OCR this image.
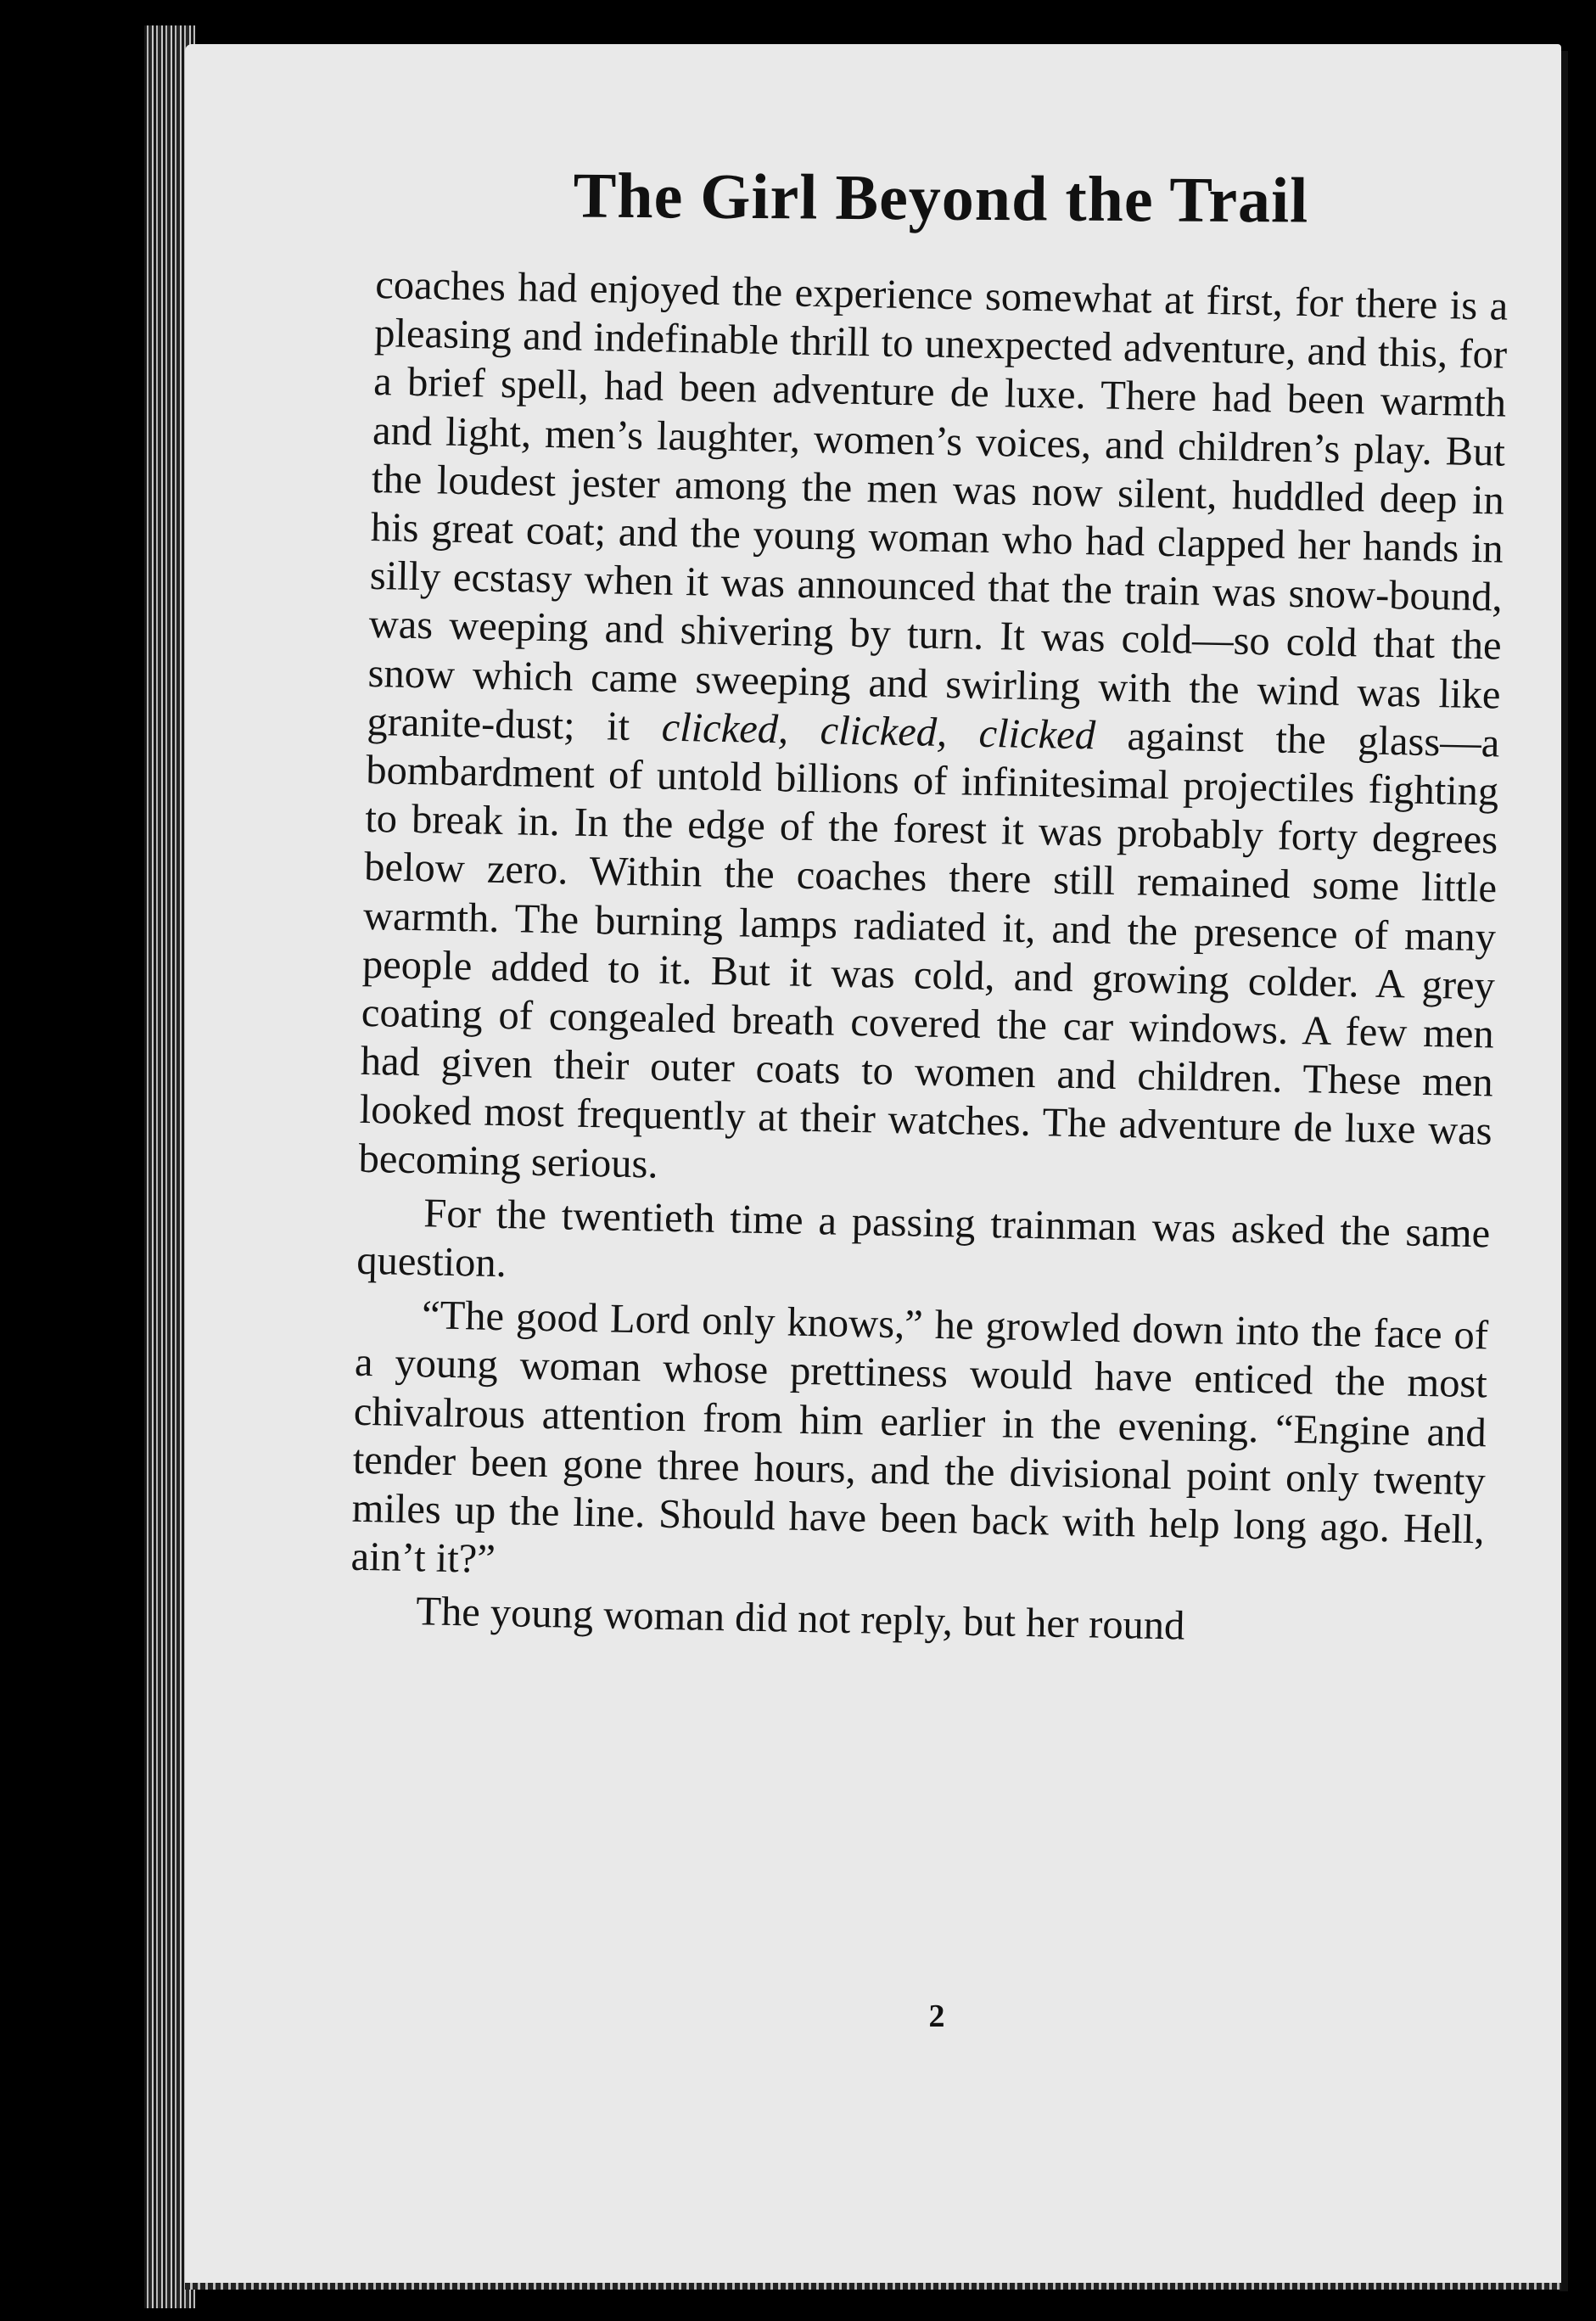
The Girl Beyond the Trail

coaches had enjoyed the experience somewhat at first, for there is a pleasing and indefinable thrill to unexpected adventure, and this, for a brief spell, had been adventure de luxe. There had been warmth and light, men’s laughter, women’s voices, and children’s play. But the loudest jester among the men was now silent, huddled deep in his great coat; and the young woman who had clapped her hands in silly ecstasy when it was announced that the train was snow-bound, was weeping and shivering by turn. It was cold—so cold that the snow which came sweeping and swirling with the wind was like granite-dust; it clicked, clicked, clicked against the glass—a bombardment of untold billions of infinitesimal projectiles fighting to break in. In the edge of the forest it was probably forty degrees below zero. Within the coaches there still remained some little warmth. The burning lamps radiated it, and the presence of many people added to it. But it was cold, and growing colder. A grey coating of congealed breath covered the car windows. A few men had given their outer coats to women and children. These men looked most frequently at their watches. The adventure de luxe was becoming serious.

For the twentieth time a passing trainman was asked the same question.

“The good Lord only knows,” he growled down into the face of a young woman whose prettiness would have enticed the most chivalrous attention from him earlier in the evening. “Engine and tender been gone three hours, and the divisional point only twenty miles up the line. Should have been back with help long ago. Hell, ain’t it?”

The young woman did not reply, but her round

2
